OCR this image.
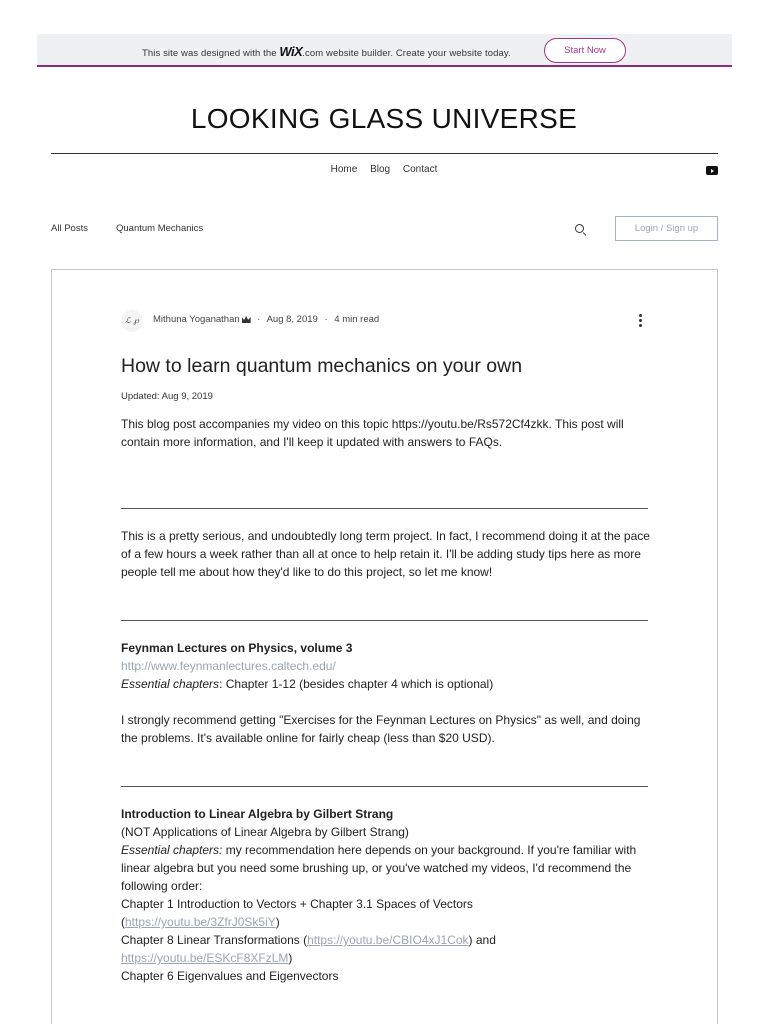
This site was designed with the WiX.com website builder. Create your website today.	Start Now
LOOKING GLASS UNIVERSE
Home Blog Contact
All Posts	Quantum Mechanics	Login / Sign up
ℒ ℘	Mithuna Yoganathan · Aug 8, 2019 · 4 min read
How to learn quantum mechanics on your own
Updated: Aug 9, 2019

This blog post accompanies my video on this topic https://youtu.be/Rs572Cf4zkk. This post will contain more information, and I'll keep it updated with answers to FAQs.

This is a pretty serious, and undoubtedly long term project. In fact, I recommend doing it at the pace of a few hours a week rather than all at once to help retain it. I'll be adding study tips here as more people tell me about how they'd like to do this project, so let me know!

Feynman Lectures on Physics, volume 3
http://www.feynmanlectures.caltech.edu/
Essential chapters: Chapter 1-12 (besides chapter 4 which is optional)
I strongly recommend getting "Exercises for the Feynman Lectures on Physics" as well, and doing the problems. It's available online for fairly cheap (less than $20 USD).
Introduction to Linear Algebra by Gilbert Strang
(NOT Applications of Linear Algebra by Gilbert Strang)
Essential chapters: my recommendation here depends on your background. If you're familiar with linear algebra but you need some brushing up, or you've watched my videos, I'd recommend the following order:
Chapter 1 Introduction to Vectors + Chapter 3.1 Spaces of Vectors
(https://youtu.be/3ZfrJ0Sk5iY)
Chapter 8 Linear Transformations (https://youtu.be/CBIO4xJ1Cok) and
https://youtu.be/ESKcF8XFzLM)
Chapter 6 Eigenvalues and Eigenvectors
